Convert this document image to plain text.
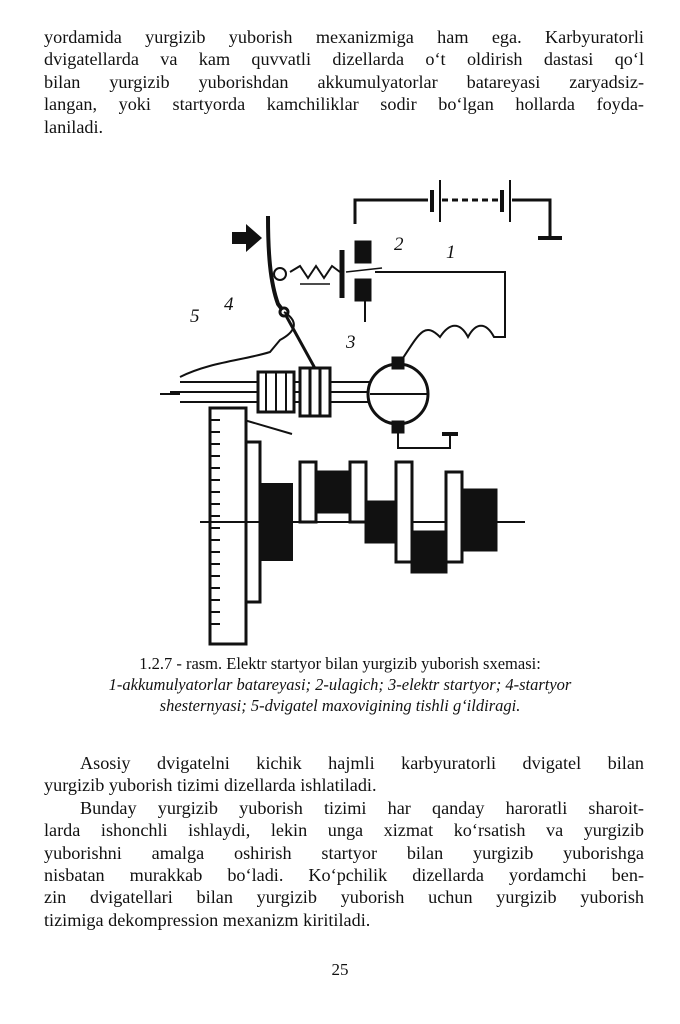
yordamida yurgizib yuborish mexanizmiga ham ega. Karbyuratorli
dvigatellarda va kam quvvatli dizellarda o‘t oldirish dastasi qo‘l
bilan yurgizib yuborishdan akkumulyatorlar batareyasi zaryadsiz-
langan, yoki startyorda kamchiliklar sodir bo‘lgan hollarda foyda-
laniladi.
2 1
3
4
5
1.2.7 - rasm. Elektr startyor bilan yurgizib yuborish sxemasi:
1-akkumulyatorlar batareyasi; 2-ulagich; 3-elektr startyor; 4-startyor
shesternyasi; 5-dvigatel maxovigining tishli g‘ildiragi.
Asosiy dvigatelni kichik hajmli karbyuratorli dvigatel bilan
yurgizib yuborish tizimi dizellarda ishlatiladi.
Bunday yurgizib yuborish tizimi har qanday haroratli sharoit-
larda ishonchli ishlaydi, lekin unga xizmat ko‘rsatish va yurgizib
yuborishni amalga oshirish startyor bilan yurgizib yuborishga
nisbatan murakkab bo‘ladi. Ko‘pchilik dizellarda yordamchi ben-
zin dvigatellari bilan yurgizib yuborish uchun yurgizib yuborish
tizimiga dekompression mexanizm kiritiladi.
25
